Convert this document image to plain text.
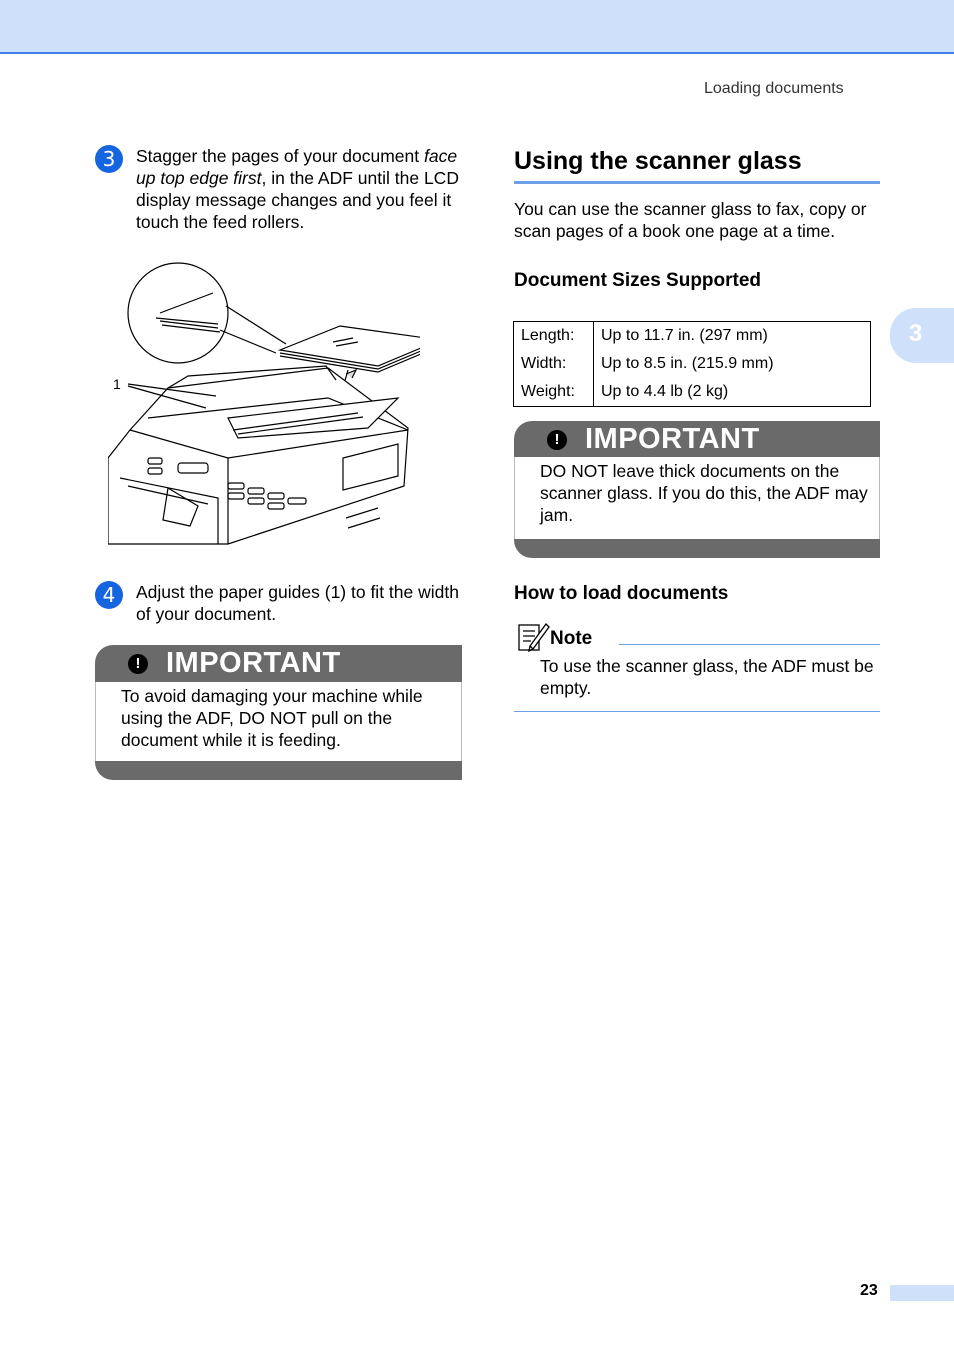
Loading documents
3	Stagger the pages of your document face up top edge first, in the ADF until the LCD display message changes and you feel it touch the feed rollers.
1
4	Adjust the paper guides (1) to fit the width of your document.
! IMPORTANT
To avoid damaging your machine while using the ADF, DO NOT pull on the document while it is feeding.
Using the scanner glass
You can use the scanner glass to fax, copy or scan pages of a book one page at a time.
Document Sizes Supported
Length:	Up to 11.7 in. (297 mm)
Width:	Up to 8.5 in. (215.9 mm)
Weight:	Up to 4.4 lb (2 kg)
3
! IMPORTANT
DO NOT leave thick documents on the scanner glass. If you do this, the ADF may jam.
How to load documents
Note
To use the scanner glass, the ADF must be empty.
23
